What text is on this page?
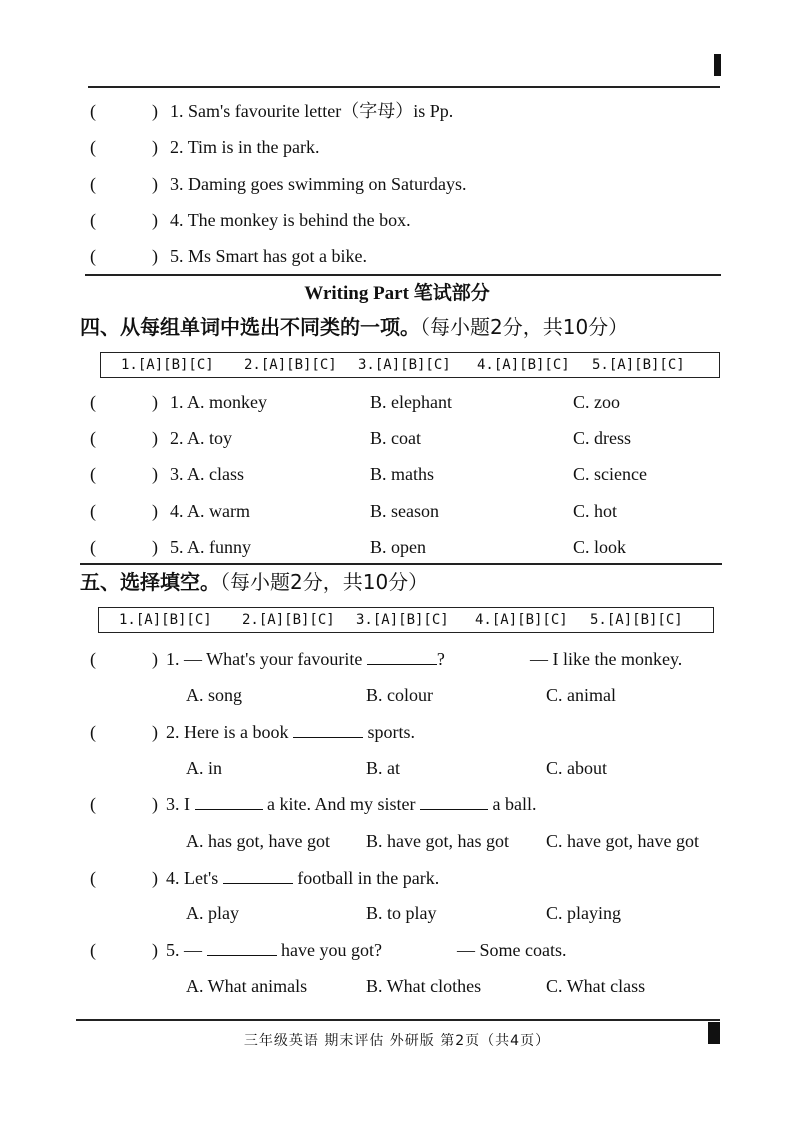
(	) 1. Sam's favourite letter（字母）is Pp.
(	) 2. Tim is in the park.
(	) 3. Daming goes swimming on Saturdays.
(	) 4. The monkey is behind the box.
(	) 5. Ms Smart has got a bike.
Writing Part 笔试部分
四、从每组单词中选出不同类的一项。（每小题2分，共10分）
1.[A][B][C] 2.[A][B][C] 3.[A][B][C] 4.[A][B][C] 5.[A][B][C]
(	) 1. A. monkey	B. elephant	C. zoo
(	) 2. A. toy	B. coat	C. dress
(	) 3. A. class	B. maths	C. science
(	) 4. A. warm	B. season	C. hot
(	) 5. A. funny	B. open	C. look
五、选择填空。（每小题2分，共10分）
1.[A][B][C] 2.[A][B][C] 3.[A][B][C] 4.[A][B][C] 5.[A][B][C]
(	) 1. — What's your favourite	?	— I like the monkey.
A. song	B. colour	C. animal
(	) 2. Here is a book	sports.
A. in	B. at	C. about
(	) 3. I	a kite. And my sister	a ball.
A. has got, have got B. have got, has got C. have got, have got
(	) 4. Let's	football in the park.
A. play	B. to play	C. playing
(	) 5. —	have you got?	— Some coats.
A. What animals	B. What clothes	C. What class
三年级英语 期末评估 外研版 第2页（共4页）
